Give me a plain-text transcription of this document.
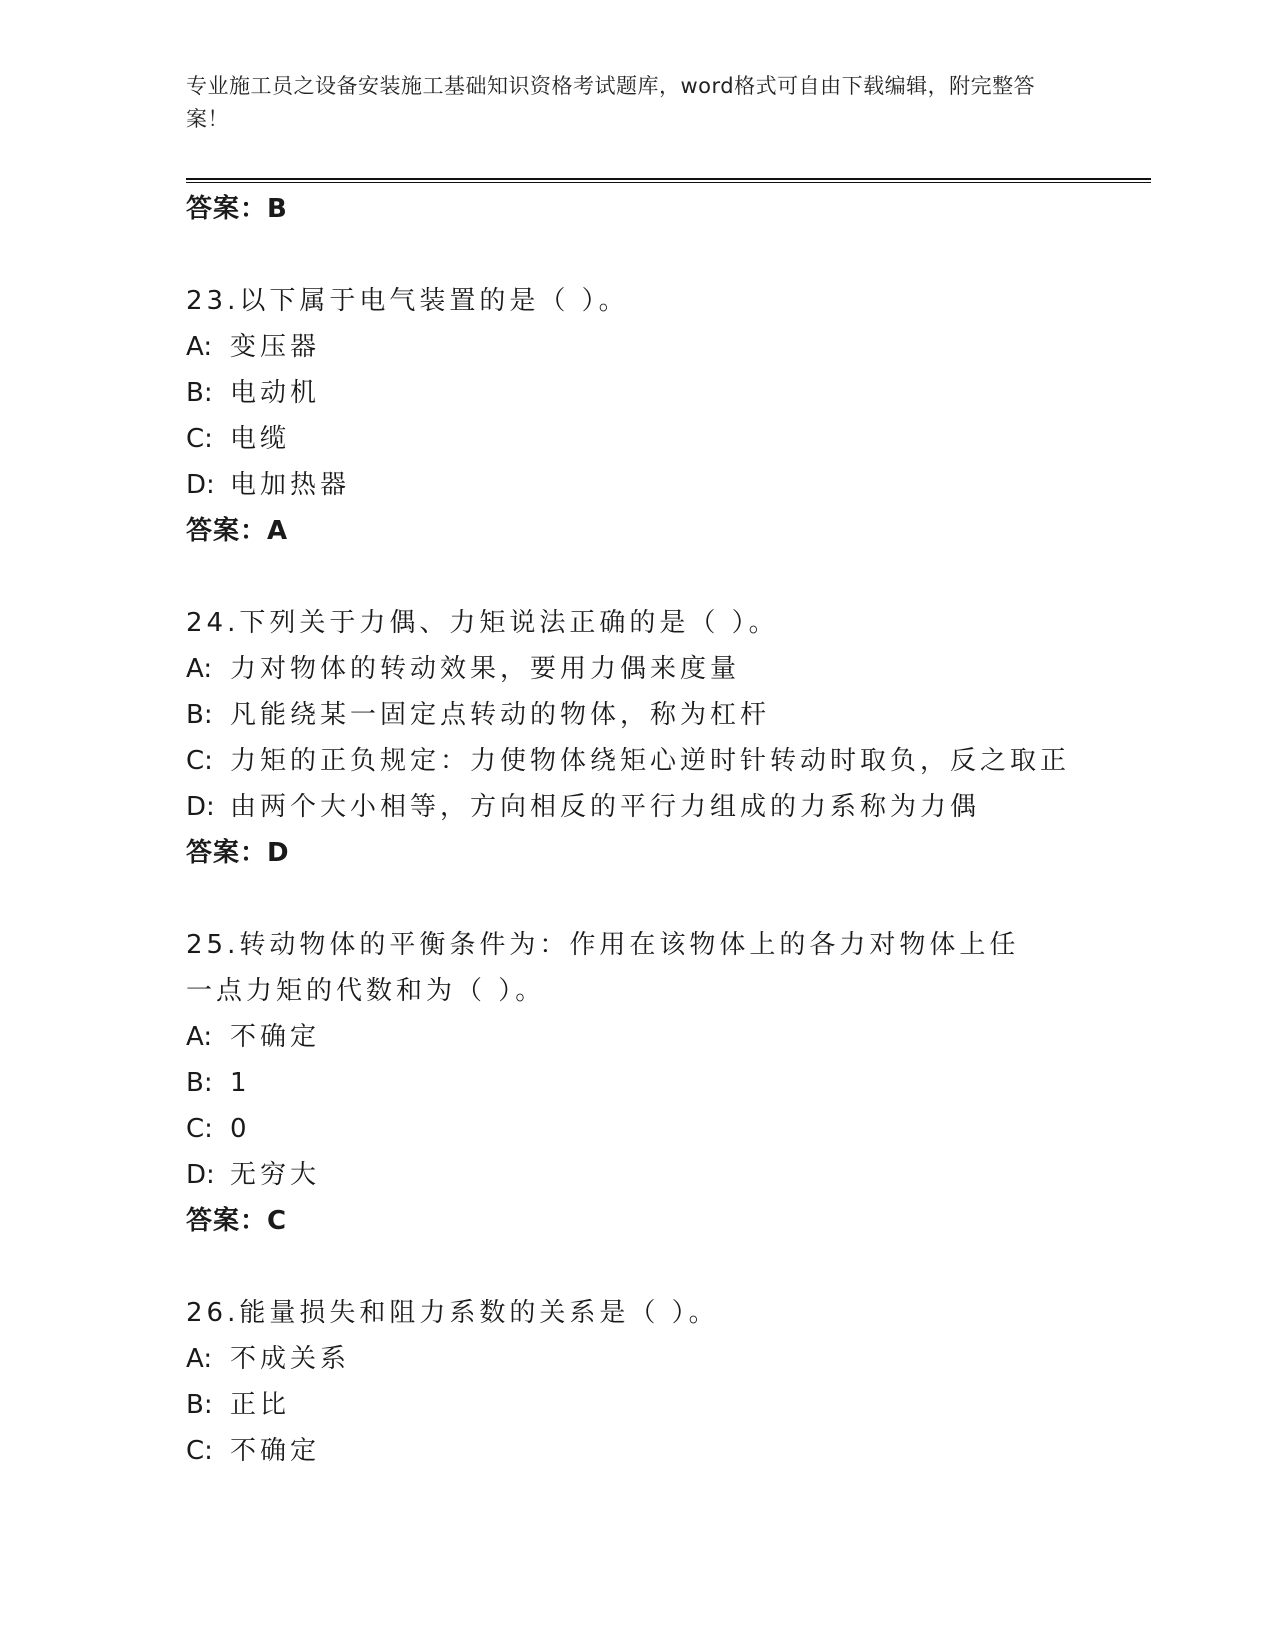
专业施工员之设备安装施工基础知识资格考试题库，word格式可自由下载编辑，附完整答案！
答案：B
23.以下属于电气装置的是（ ）。
A: 变压器
B: 电动机
C: 电缆
D: 电加热器
答案：A
24.下列关于力偶、力矩说法正确的是（ ）。
A: 力对物体的转动效果，要用力偶来度量
B: 凡能绕某一固定点转动的物体，称为杠杆
C: 力矩的正负规定：力使物体绕矩心逆时针转动时取负，反之取正
D: 由两个大小相等，方向相反的平行力组成的力系称为力偶
答案：D
25.转动物体的平衡条件为：作用在该物体上的各力对物体上任一点力矩的代数和为（ ）。
A: 不确定
B: 1
C: 0
D: 无穷大
答案：C
26.能量损失和阻力系数的关系是（ ）。
A: 不成关系
B: 正比
C: 不确定
